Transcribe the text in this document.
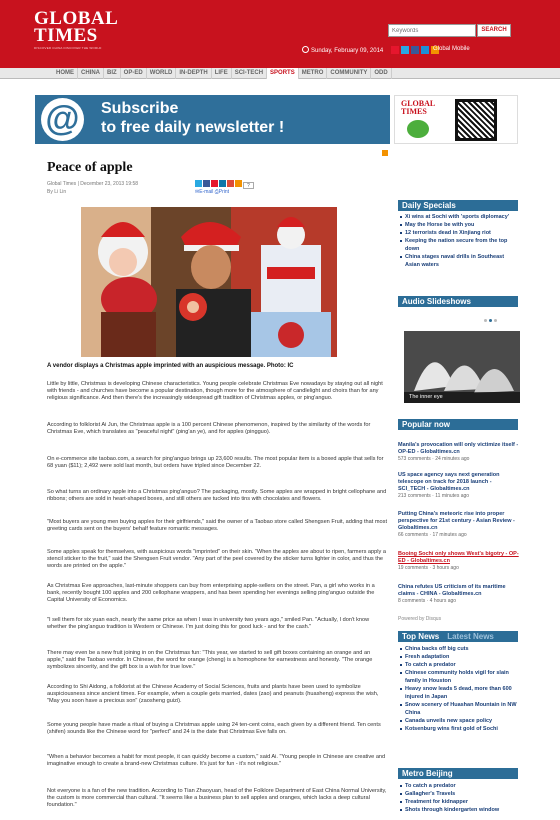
GLOBAL
TIMES
DISCOVER CHINA DISCOVER THE WORLD
Keywords
SEARCH
Sunday, February 09, 2014	Global Mobile
HOME	CHINA	BIZ	OP-ED	WORLD	IN-DEPTH	LIFE	SCI-TECH	SPORTS	METRO	COMMUNITY	ODD
@ Subscribe
to free daily newsletter !
GLOBAL
TIMES
Peace of apple
Global Times | December 23, 2013 19:58
By Li Lin
?
✉E-mail ⎙Print
A vendor displays a Christmas apple imprinted with an auspicious message. Photo: IC

Little by little, Christmas is developing Chinese characteristics. Young people celebrate Christmas Eve nowadays by staying out all night with friends - and churches have become a popular destination, though more for the atmosphere of candlelight and choirs than for any religious significance. And then there's the increasingly widespread gift tradition of Christmas apples, or ping'anguo.

According to folklorist Ai Jun, the Christmas apple is a 100 percent Chinese phenomenon, inspired by the similarity of the words for Christmas Eve, which translates as "peaceful night" (ping'an ye), and for apples (pingguo).

On e-commerce site taobao.com, a search for ping'anguo brings up 23,600 results. The most popular item is a boxed apple that sells for 68 yuan ($11); 2,492 were sold last month, but orders have tripled since December 22.

So what turns an ordinary apple into a Christmas ping'anguo? The packaging, mostly. Some apples are wrapped in bright cellophane and ribbons; others are sold in heart-shaped boxes, and still others are tucked into tins with chocolates and flowers.

"Most buyers are young men buying apples for their girlfriends," said the owner of a Taobao store called Shengsen Fruit, adding that most greeting cards sent on the buyers' behalf feature romantic messages.

Some apples speak for themselves, with auspicious words "imprinted" on their skin. "When the apples are about to ripen, farmers apply a stencil sticker to the fruit," said the Shengsen Fruit vendor. "Any part of the peel covered by the sticker turns lighter in color, and thus the words are printed on the apple."

As Christmas Eve approaches, last-minute shoppers can buy from enterprising apple-sellers on the street. Pan, a girl who works in a bank, recently bought 100 apples and 200 cellophane wrappers, and has been spending her evenings selling ping'anguo outside the Capital University of Economics.

"I sell them for six yuan each, nearly the same price as when I was in university two years ago," smiled Pan. "Actually, I don't know whether the ping'anguo tradition is Western or Chinese. I'm just doing this for good luck - and for the cash."

There may even be a new fruit joining in on the Christmas fun: "This year, we started to sell gift boxes containing an orange and an apple," said the Taobao vendor. In Chinese, the word for orange (cheng) is a homophone for earnestness and honesty. "The orange symbolizes sincerity, and the gift box is a wish for true love."

According to Shi Aidong, a folklorist at the Chinese Academy of Social Sciences, fruits and plants have been used to symbolize auspiciousness since ancient times. For example, when a couple gets married, dates (zao) and peanuts (huasheng) express the wish, "May you soon have a precious son" (zaosheng guizi).

Some young people have made a ritual of buying a Christmas apple using 24 ten-cent coins, each given by a different friend. Ten cents (shifen) sounds like the Chinese word for "perfect" and 24 is the date that Christmas Eve falls on.

"When a behavior becomes a habit for most people, it can quickly become a custom," said Ai. "Young people in Chinese are creative and imaginative enough to create a brand-new Christmas culture. It's just for fun - it's not religious."

Not everyone is a fan of the new tradition. According to Tian Zhaoyuan, head of the Folklore Department of East China Normal University, the custom is more commercial than cultural. "It seems like a business plan to sell apples and oranges, which lacks a deep cultural foundation."

Daily Specials
Xi wins at Sochi with 'sports diplomacy'
May the Horse be with you
12 terrorists dead in Xinjiang riot
Keeping the nation secure from the top down
China stages naval drills in Southeast Asian waters
Audio Slideshows
The inner eye
Popular now
Manila's provocation will only victimize itself - OP-ED - Globaltimes.cn
573 comments · 24 minutes ago
US space agency says next generation telescope on track for 2018 launch - SCI_TECH - Globaltimes.cn
213 comments · 11 minutes ago
Putting China's meteoric rise into proper perspective for 21st century - Asian Review - Globaltimes.cn
66 comments · 17 minutes ago
Booing Sochi only shows West's bigotry - OP-ED - Globaltimes.cn
19 comments · 3 hours ago
China refutes US criticism of its maritime claims - CHINA - Globaltimes.cn
8 comments · 4 hours ago
Powered by Disqus
Top News Latest News
China backs off big cuts
Fresh adaptation
To catch a predator
Chinese community holds vigil for slain family in Houston
Heavy snow leads 5 dead, more than 600 injured in Japan
Snow scenery of Huashan Mountain in NW China
Canada unveils new space policy
Kotsenburg wins first gold of Sochi
Metro Beijing
To catch a predator
Gallagher's Travels
Treatment for kidnapper
Shots through kindergarten window
